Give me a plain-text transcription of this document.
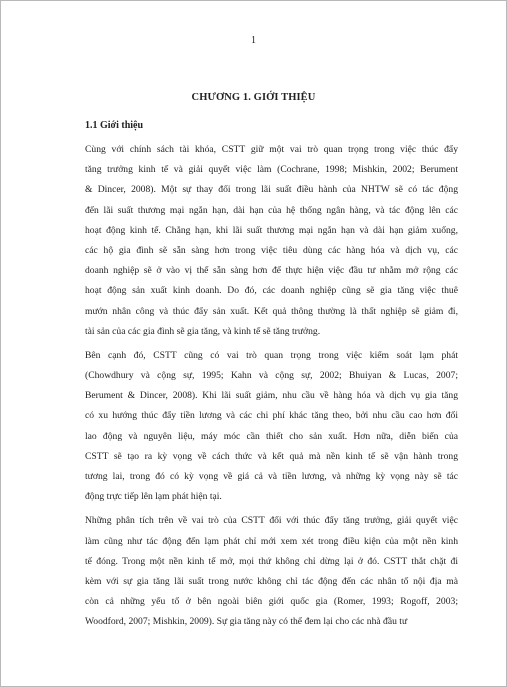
1
CHƯƠNG 1. GIỚI THIỆU
1.1 Giới thiệu
Cùng với chính sách tài khóa, CSTT giữ một vai trò quan trọng trong việc thúc đẩy
tăng trưởng kinh tế và giải quyết việc làm (Cochrane, 1998; Mishkin, 2002; Berument
& Dincer, 2008). Một sự thay đổi trong lãi suất điều hành của NHTW sẽ có tác động
đến lãi suất thương mại ngắn hạn, dài hạn của hệ thống ngân hàng, và tác động lên các
hoạt động kinh tế. Chẳng hạn, khi lãi suất thương mại ngắn hạn và dài hạn giảm xuống,
các hộ gia đình sẽ sẵn sàng hơn trong việc tiêu dùng các hàng hóa và dịch vụ, các
doanh nghiệp sẽ ở vào vị thế sẵn sàng hơn để thực hiện việc đầu tư nhằm mở rộng các
hoạt động sản xuất kinh doanh. Do đó, các doanh nghiệp cũng sẽ gia tăng việc thuê
mướn nhân công và thúc đẩy sản xuất. Kết quả thông thường là thất nghiệp sẽ giảm đi,
tài sản của các gia đình sẽ gia tăng, và kinh tế sẽ tăng trưởng.
Bên cạnh đó, CSTT cũng có vai trò quan trọng trong việc kiểm soát lạm phát
(Chowdhury và cộng sự, 1995; Kahn và cộng sự, 2002; Bhuiyan & Lucas, 2007;
Berument & Dincer, 2008). Khi lãi suất giảm, nhu cầu về hàng hóa và dịch vụ gia tăng
có xu hướng thúc đẩy tiền lương và các chi phí khác tăng theo, bởi nhu cầu cao hơn đối
lao động và nguyên liệu, máy móc cần thiết cho sản xuất. Hơn nữa, diễn biến của
CSTT sẽ tạo ra kỳ vọng về cách thức và kết quả mà nền kinh tế sẽ vận hành trong
tương lai, trong đó có kỳ vọng về giá cả và tiền lương, và những kỳ vọng này sẽ tác
động trực tiếp lên lạm phát hiện tại.
Những phân tích trên về vai trò của CSTT đối với thúc đẩy tăng trưởng, giải quyết việc
làm cũng như tác động đến lạm phát chỉ mới xem xét trong điều kiện của một nền kinh
tế đóng. Trong một nền kinh tế mở, mọi thứ không chỉ dừng lại ở đó. CSTT thắt chặt đi
kèm với sự gia tăng lãi suất trong nước không chỉ tác động đến các nhân tố nội địa mà
còn cả những yếu tố ở bên ngoài biên giới quốc gia (Romer, 1993; Rogoff, 2003;
Woodford, 2007; Mishkin, 2009). Sự gia tăng này có thể đem lại cho các nhà đầu tư
